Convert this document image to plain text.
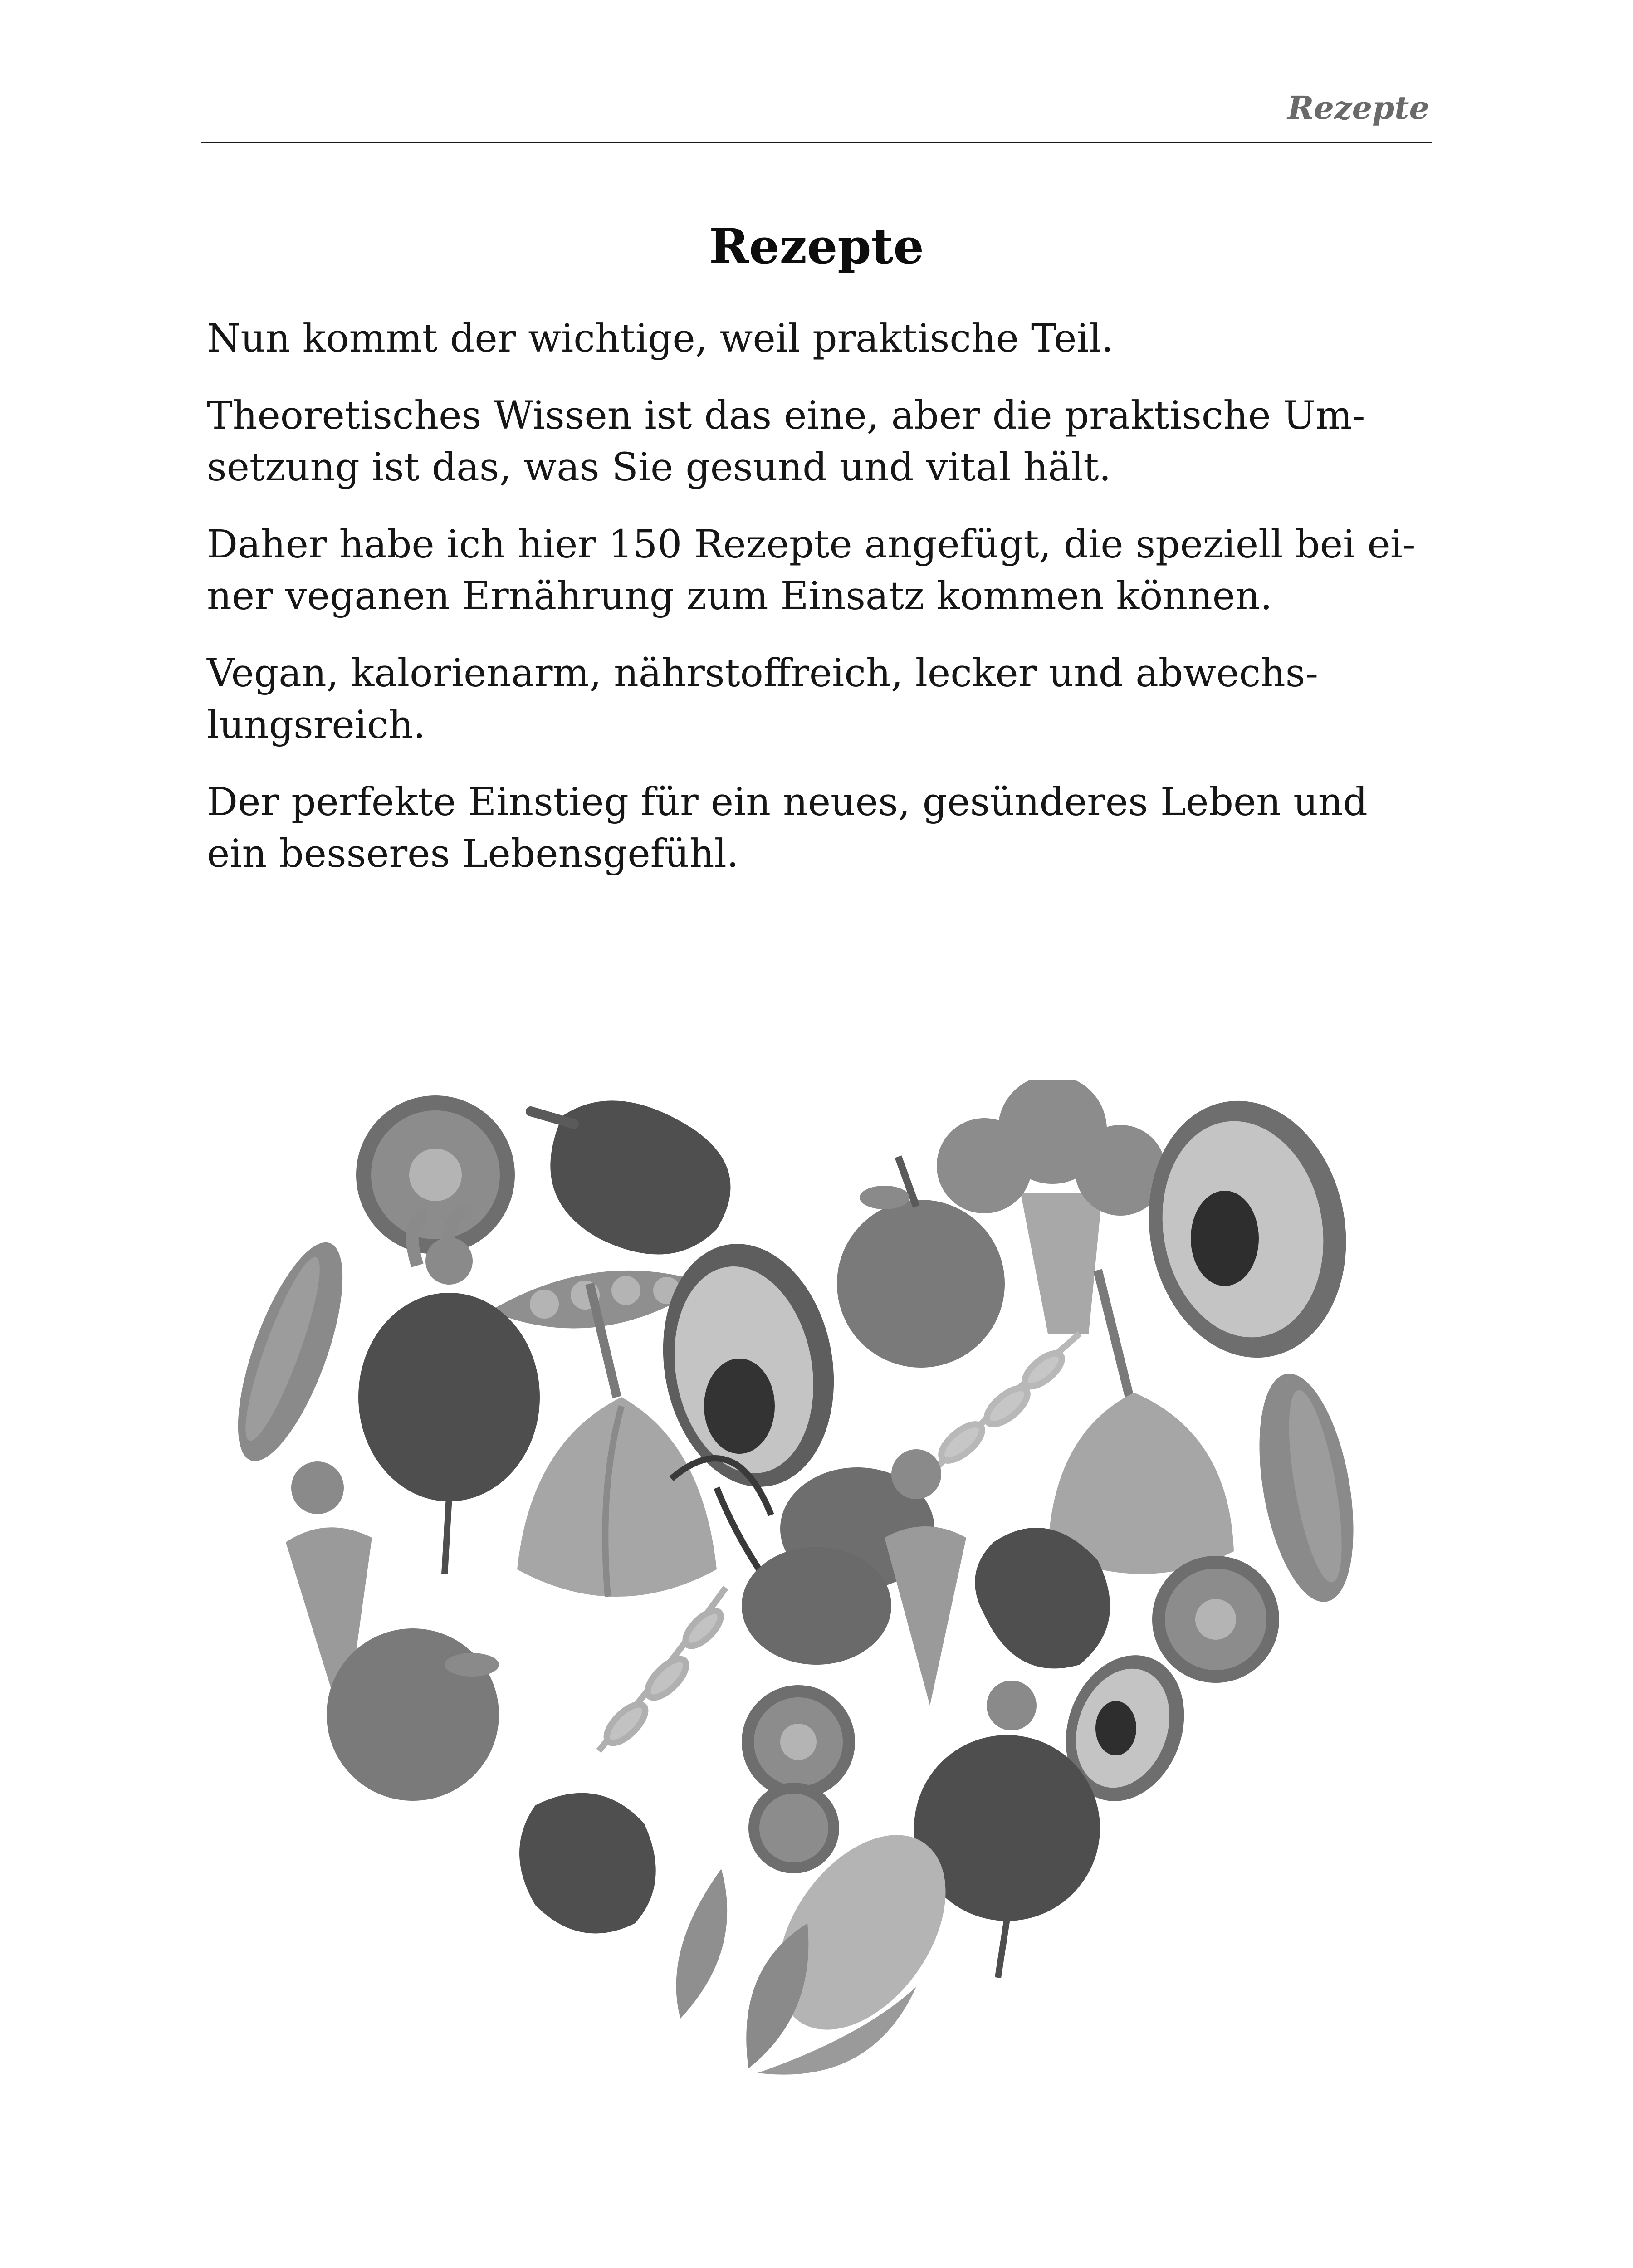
Rezepte
Rezepte

Nun kommt der wichtige, weil praktische Teil.

Theoretisches Wissen ist das eine, aber die praktische Um-
setzung ist das, was Sie gesund und vital hält.

Daher habe ich hier 150 Rezepte angefügt, die speziell bei ei-
ner veganen Ernährung zum Einsatz kommen können.

Vegan, kalorienarm, nährstoffreich, lecker und abwechs-
lungsreich.

Der perfekte Einstieg für ein neues, gesünderes Leben und
ein besseres Lebensgefühl.
